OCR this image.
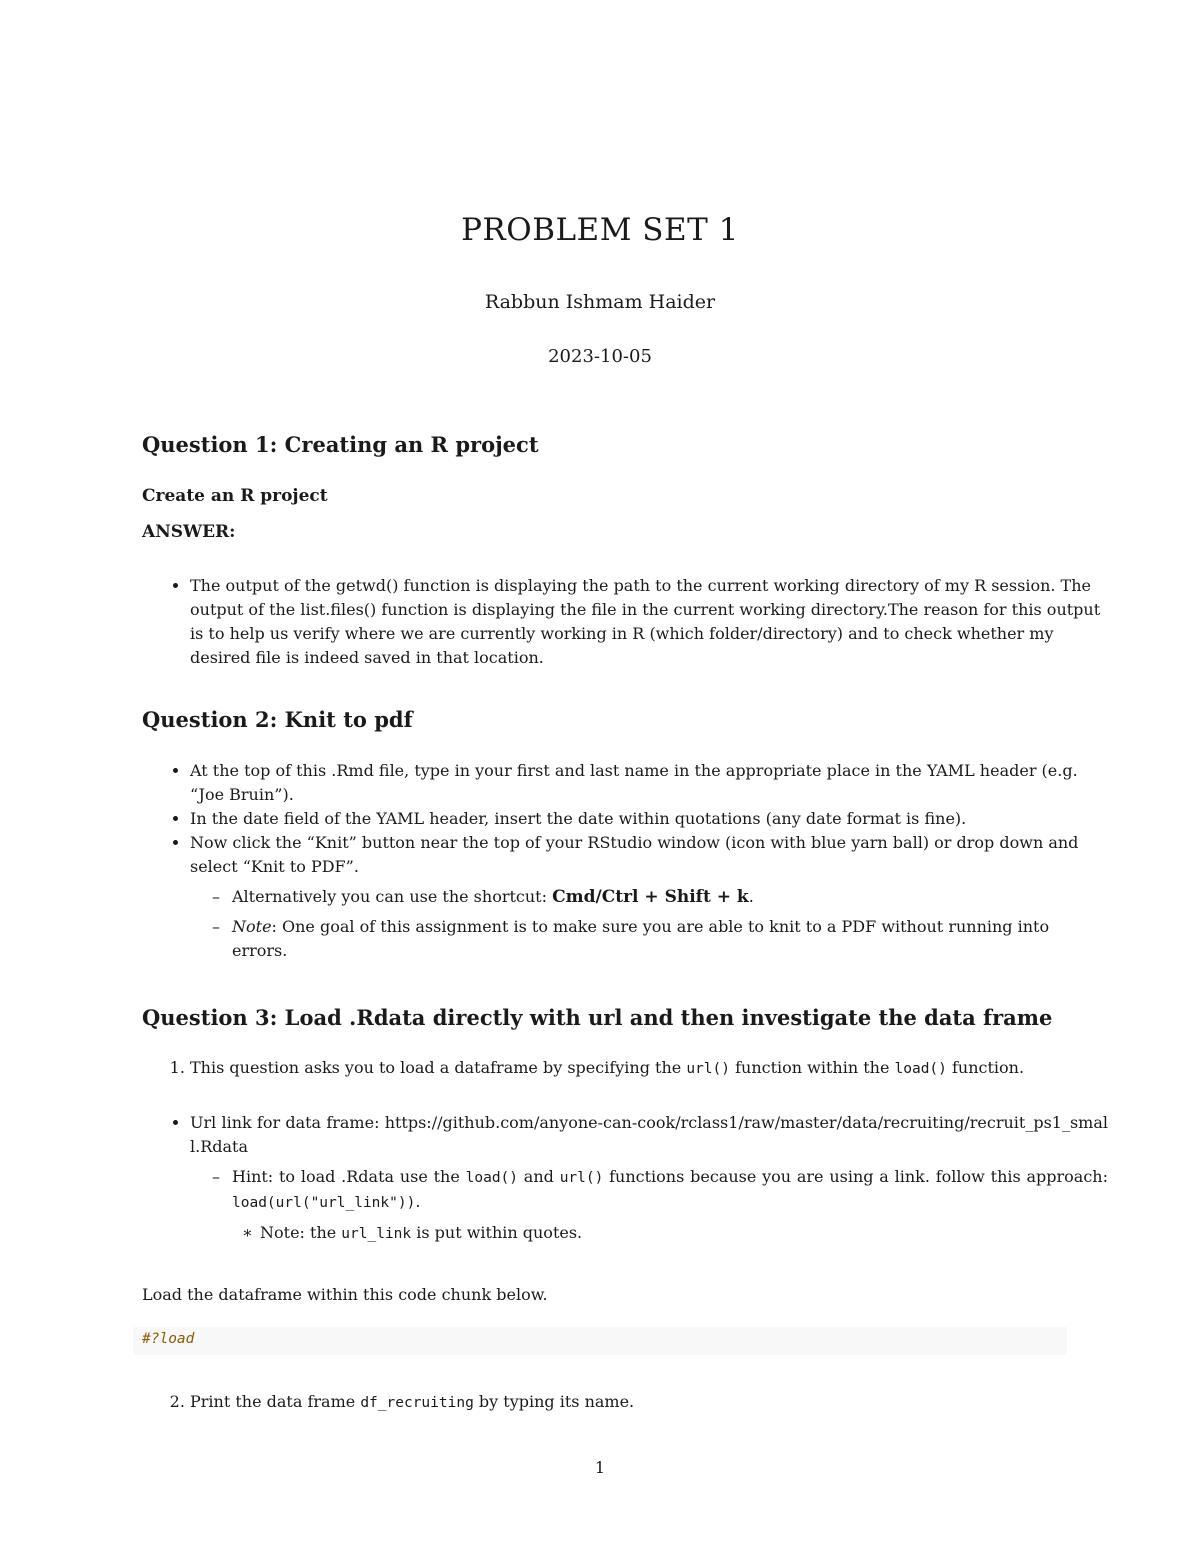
PROBLEM SET 1

Rabbun Ishmam Haider

2023-10-05

Question 1: Creating an R project

Create an R project

ANSWER:

• The output of the getwd() function is displaying the path to the current working directory of my R session. The output of the list.files() function is displaying the file in the current working directory.The reason for this output is to help us verify where we are currently working in R (which folder/directory) and to check whether my desired file is indeed saved in that location.
Question 2: Knit to pdf
• At the top of this .Rmd file, type in your first and last name in the appropriate place in the YAML header (e.g. “Joe Bruin”).
• In the date field of the YAML header, insert the date within quotations (any date format is fine).
• Now click the “Knit” button near the top of your RStudio window (icon with blue yarn ball) or drop down and select “Knit to PDF”.
– Alternatively you can use the shortcut: Cmd/Ctrl + Shift + k.
– Note: One goal of this assignment is to make sure you are able to knit to a PDF without running into errors.
Question 3: Load .Rdata directly with url and then investigate the data frame
1. This question asks you to load a dataframe by specifying the url() function within the load() function.
• Url link for data frame: https://github.com/anyone-can-cook/rclass1/raw/master/data/recruiting/recruit_ps1_small.Rdata
– Hint: to load .Rdata use the load() and url() functions because you are using a link. follow this approach: load(url("url_link")).
∗ Note: the url_link is put within quotes.

Load the dataframe within this code chunk below.

#?load
2. Print the data frame df_recruiting by typing its name.

1
